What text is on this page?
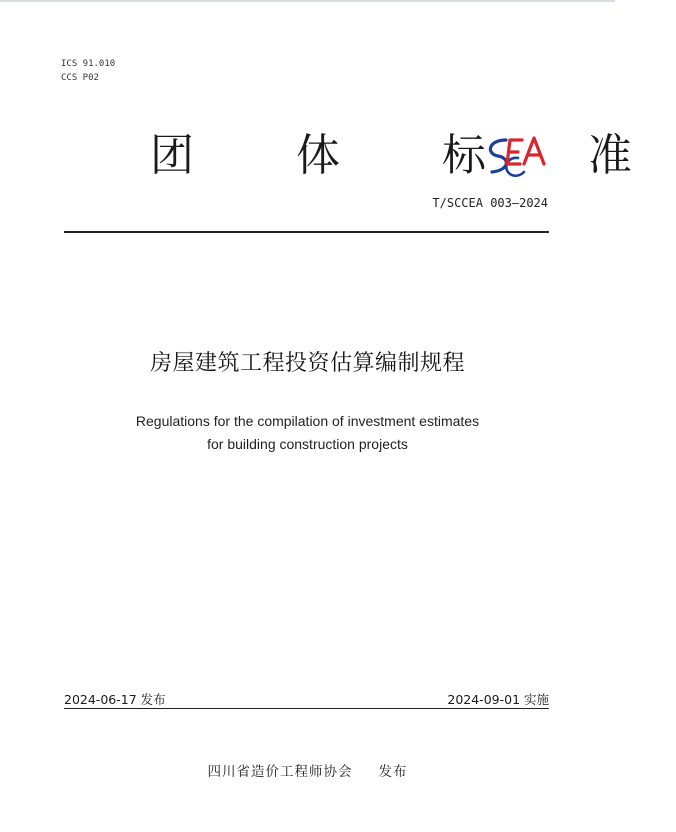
ICS 91.010
CCS P02
团 体 标 准
T/SCCEA 003—2024
房屋建筑工程投资估算编制规程
Regulations for the compilation of investment estimates
for building construction projects
2024-06-17 发布	2024-09-01 实施
四川省造价工程师协会 发布
